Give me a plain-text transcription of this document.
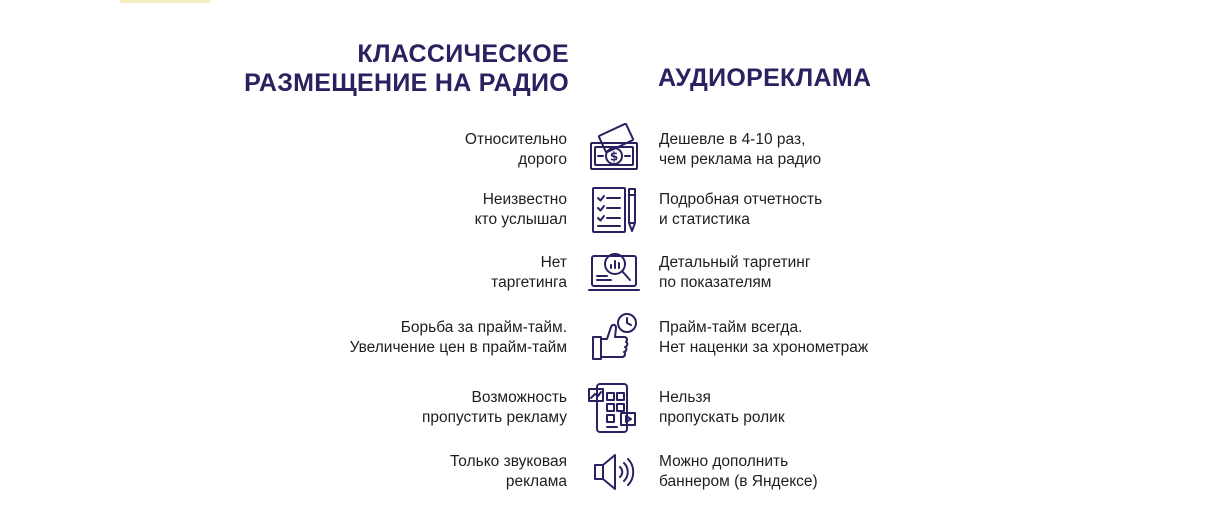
КЛАССИЧЕСКОЕ
РАЗМЕЩЕНИЕ НА РАДИО	АУДИОРЕКЛАМА
Относительно
дорого	$
Дешевле в 4-10 раз,
чем реклама на радио
Неизвестно
кто услышал
Подробная отчетность
и статистика
Нет
таргетинга
Детальный таргетинг
по показателям
Борьба за прайм-тайм.
Увеличение цен в прайм-тайм
Прайм-тайм всегда.
Нет наценки за хронометраж
Возможность
пропустить рекламу
Нельзя
пропускать ролик
Только звуковая
реклама
Можно дополнить
баннером (в Яндексе)
